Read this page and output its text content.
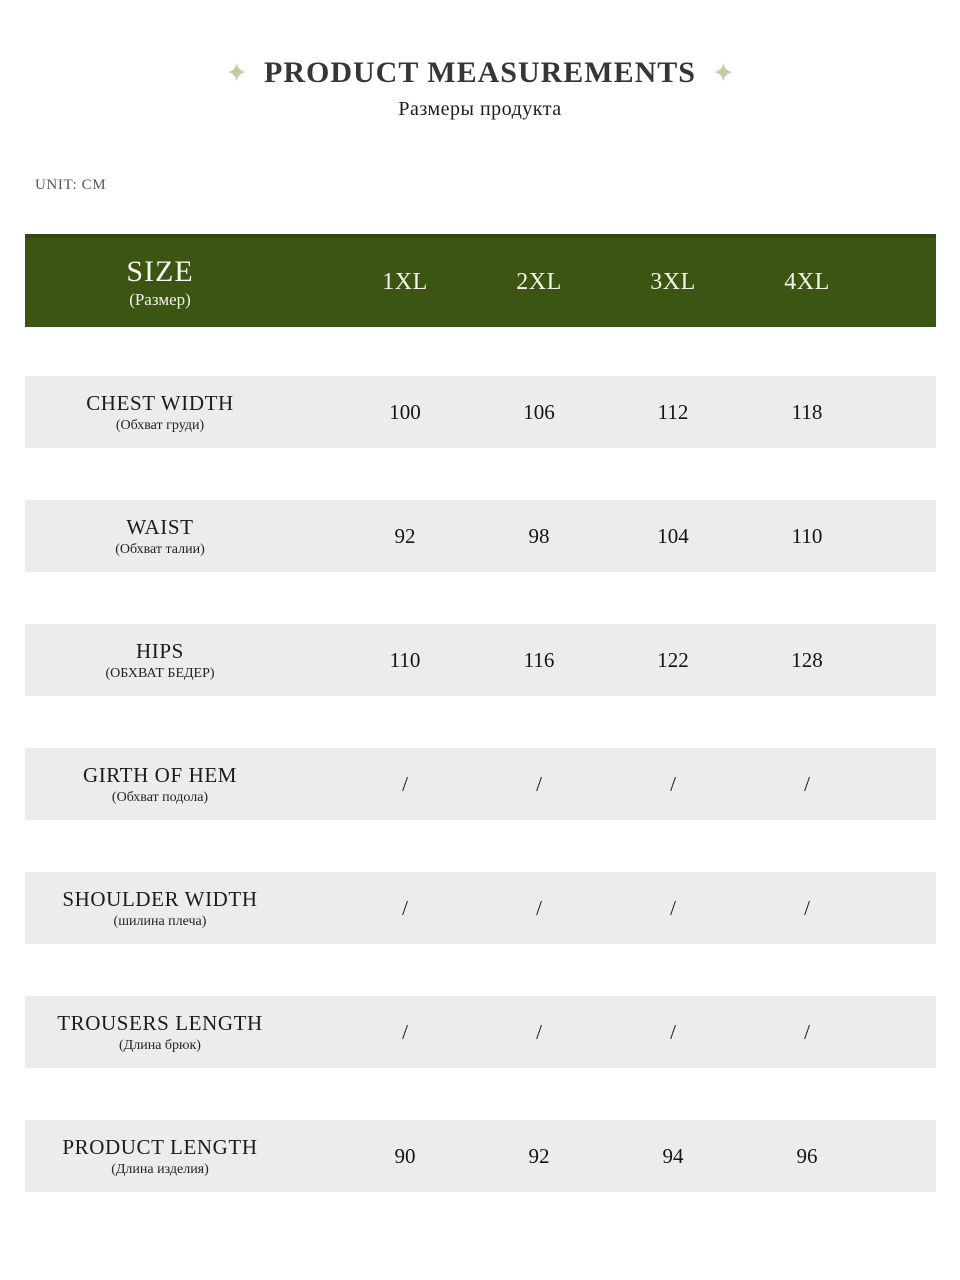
✦ PRODUCT MEASUREMENTS ✦
Размеры продукта
UNIT: CM
SIZE
(Размер)
1XL	2XL	3XL	4XL
CHEST WIDTH
(Обхват груди)
100	106	112	118
WAIST
(Обхват талии)
92	98	104	110
HIPS
(ОБХВАТ БЕДЕР)
110	116	122	128
GIRTH OF HEM
(Обхват подола)
/	/	/	/
SHOULDER WIDTH
(шилина плеча)
/	/	/	/
TROUSERS LENGTH
(Длина брюк)
/	/	/	/
PRODUCT LENGTH
(Длина изделия)
90	92	94	96
